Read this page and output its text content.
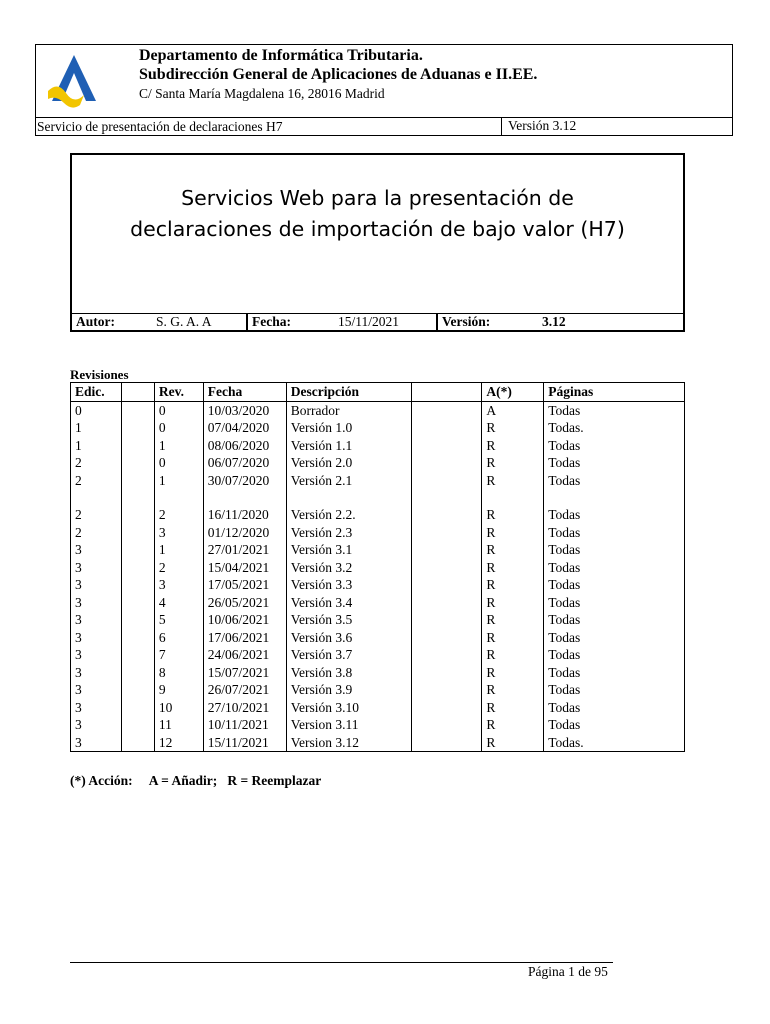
Departamento de Informática Tributaria.
Subdirección General de Aplicaciones de Aduanas e II.EE.
C/ Santa María Magdalena 16, 28016 Madrid
Servicio de presentación de declaraciones H7	Versión 3.12
Servicios Web para la presentación de
declaraciones de importación de bajo valor (H7)
Autor:	S. G. A. A	Fecha:	15/11/2021	Versión:	3.12
Revisiones
Edic.		Rev.	Fecha	Descripción		A(*)	Páginas
0		0	10/03/2020	Borrador		A	Todas
1		0	07/04/2020	Versión 1.0		R	Todas.
1		1	08/06/2020	Versión 1.1		R	Todas
2		0	06/07/2020	Versión 2.0		R	Todas
2		1	30/07/2020	Versión 2.1		R	Todas

2		2	16/11/2020	Versión 2.2.		R	Todas
2		3	01/12/2020	Versión 2.3		R	Todas
3		1	27/01/2021	Versión 3.1		R	Todas
3		2	15/04/2021	Versión 3.2		R	Todas
3		3	17/05/2021	Versión 3.3		R	Todas
3		4	26/05/2021	Versión 3.4		R	Todas
3		5	10/06/2021	Versión 3.5		R	Todas
3		6	17/06/2021	Versión 3.6		R	Todas
3		7	24/06/2021	Versión 3.7		R	Todas
3		8	15/07/2021	Versión 3.8		R	Todas
3		9	26/07/2021	Versión 3.9		R	Todas
3		10	27/10/2021	Versión 3.10		R	Todas
3		11	10/11/2021	Version 3.11		R	Todas
3		12	15/11/2021	Version 3.12		R	Todas.
(*) Acción:     A = Añadir;   R = Reemplazar
Página 1 de 95
